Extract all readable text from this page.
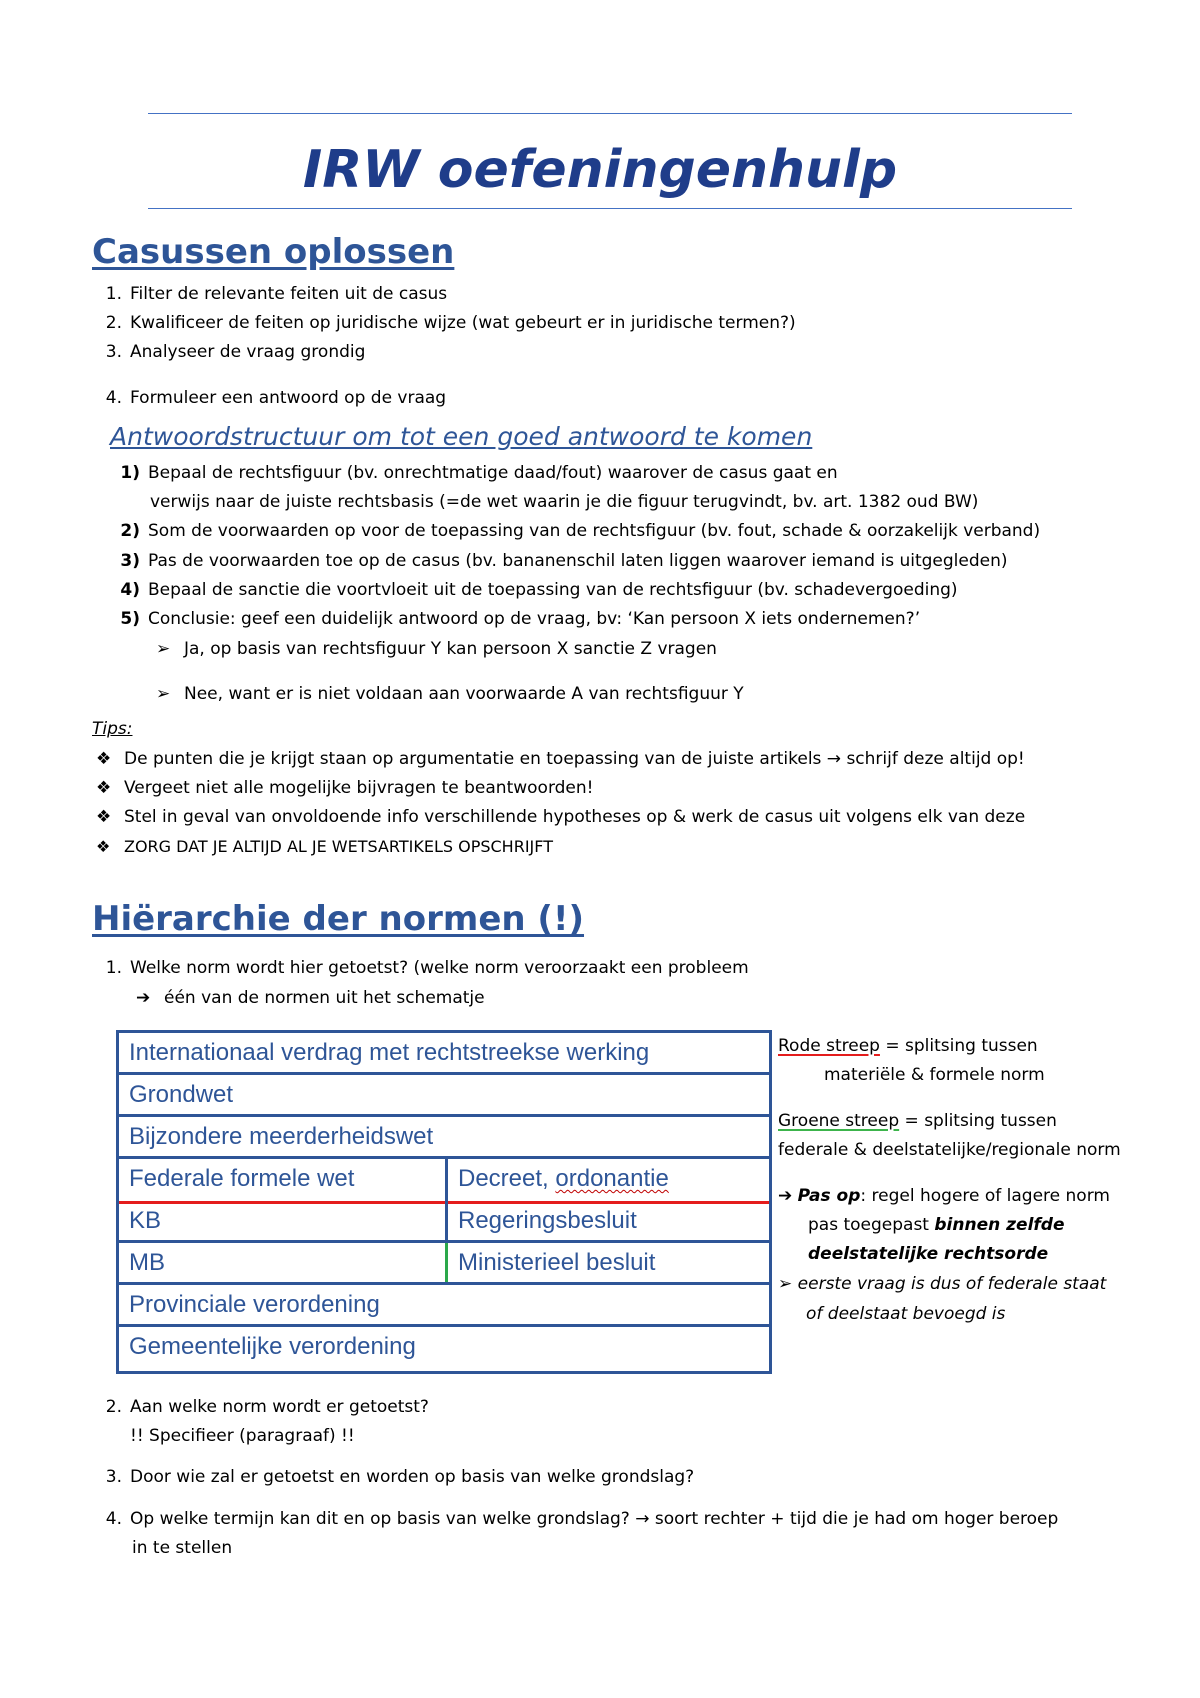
IRW oefeningenhulp
Casussen oplossen
1. Filter de relevante feiten uit de casus
2. Kwalificeer de feiten op juridische wijze (wat gebeurt er in juridische termen?)
3. Analyseer de vraag grondig
4. Formuleer een antwoord op de vraag
Antwoordstructuur om tot een goed antwoord te komen
1) Bepaal de rechtsfiguur (bv. onrechtmatige daad/fout) waarover de casus gaat en
verwijs naar de juiste rechtsbasis (=de wet waarin je die figuur terugvindt, bv. art. 1382 oud BW)
2) Som de voorwaarden op voor de toepassing van de rechtsfiguur (bv. fout, schade & oorzakelijk verband)
3) Pas de voorwaarden toe op de casus (bv. bananenschil laten liggen waarover iemand is uitgegleden)
4) Bepaal de sanctie die voortvloeit uit de toepassing van de rechtsfiguur (bv. schadevergoeding)
5) Conclusie: geef een duidelijk antwoord op de vraag, bv: ‘Kan persoon X iets ondernemen?’
➢ Ja, op basis van rechtsfiguur Y kan persoon X sanctie Z vragen
➢ Nee, want er is niet voldaan aan voorwaarde A van rechtsfiguur Y
Tips:
❖ De punten die je krijgt staan op argumentatie en toepassing van de juiste artikels → schrijf deze altijd op!
❖ Vergeet niet alle mogelijke bijvragen te beantwoorden!
❖ Stel in geval van onvoldoende info verschillende hypotheses op & werk de casus uit volgens elk van deze
❖ ZORG DAT JE ALTIJD AL JE WETSARTIKELS OPSCHRIJFT
Hiërarchie der normen (!)
1. Welke norm wordt hier getoetst? (welke norm veroorzaakt een probleem
➔ één van de normen uit het schematje
Internationaal verdrag met rechtstreekse werking
Grondwet
Bijzondere meerderheidswet
Federale formele wet	Decreet, ordonantie
KB	Regeringsbesluit
MB	Ministerieel besluit
Provinciale verordening
Gemeentelijke verordening
Rode streep = splitsing tussen
materiële & formele norm
Groene streep = splitsing tussen
federale & deelstatelijke/regionale norm
➔ Pas op: regel hogere of lagere norm
pas toegepast binnen zelfde
deelstatelijke rechtsorde
➢ eerste vraag is dus of federale staat
of deelstaat bevoegd is
2. Aan welke norm wordt er getoetst?
!! Specifieer (paragraaf) !!
3. Door wie zal er getoetst en worden op basis van welke grondslag?
4. Op welke termijn kan dit en op basis van welke grondslag? → soort rechter + tijd die je had om hoger beroep
in te stellen
